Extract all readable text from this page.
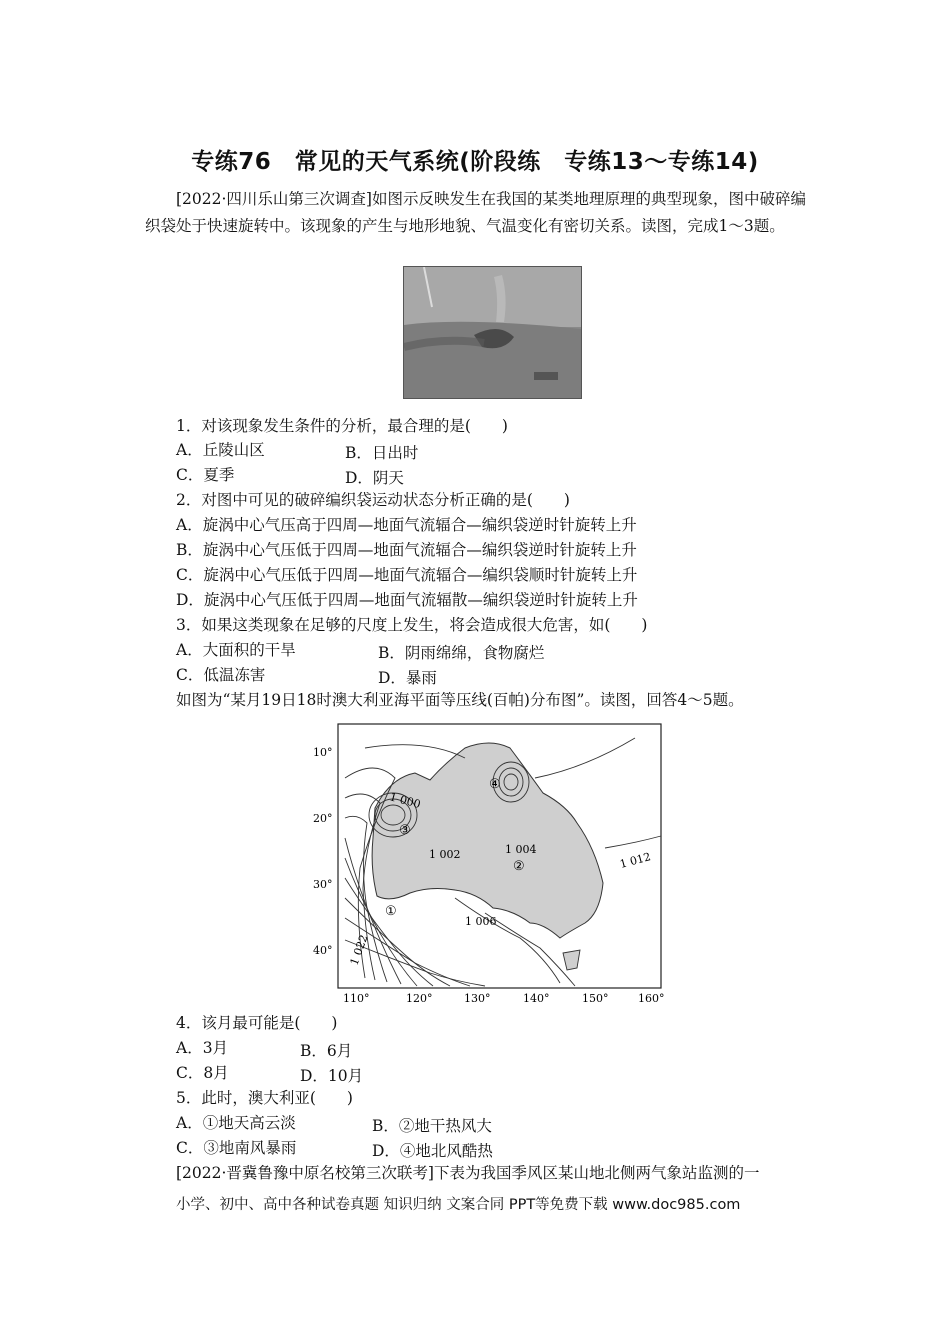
专练76　常见的天气系统(阶段练　专练13～专练14)
[2022·四川乐山第三次调查]如图示反映发生在我国的某类地理原理的典型现象，图中破碎编织袋处于快速旋转中。该现象的产生与地形地貌、气温变化有密切关系。读图，完成1～3题。
1．对该现象发生条件的分析，最合理的是(　　)
A．丘陵山区	B．日出时
C．夏季	D．阴天
2．对图中可见的破碎编织袋运动状态分析正确的是(　　)
A．旋涡中心气压高于四周—地面气流辐合—编织袋逆时针旋转上升
B．旋涡中心气压低于四周—地面气流辐合—编织袋逆时针旋转上升
C．旋涡中心气压低于四周—地面气流辐合—编织袋顺时针旋转上升
D．旋涡中心气压低于四周—地面气流辐散—编织袋逆时针旋转上升
3．如果这类现象在足够的尺度上发生，将会造成很大危害，如(　　)
A．大面积的干旱	B．阴雨绵绵，食物腐烂
C．低温冻害	D．暴雨
如图为“某月19日18时澳大利亚海平面等压线(百帕)分布图”。读图，回答4～5题。
10°
20°
30°
40°
110°	120°	130°	140°	150°	160°
1 000
1 002	1 004
1 006
1 012
1 022
①
②
③
④
4．该月最可能是(　　)
A．3月	B．6月
C．8月	D．10月
5．此时，澳大利亚(　　)
A．①地天高云淡	B．②地干热风大
C．③地南风暴雨	D．④地北风酷热
[2022·晋冀鲁豫中原名校第三次联考]下表为我国季风区某山地北侧两气象站监测的一
小学、初中、高中各种试卷真题 知识归纳 文案合同 PPT等免费下载 www.doc985.com
